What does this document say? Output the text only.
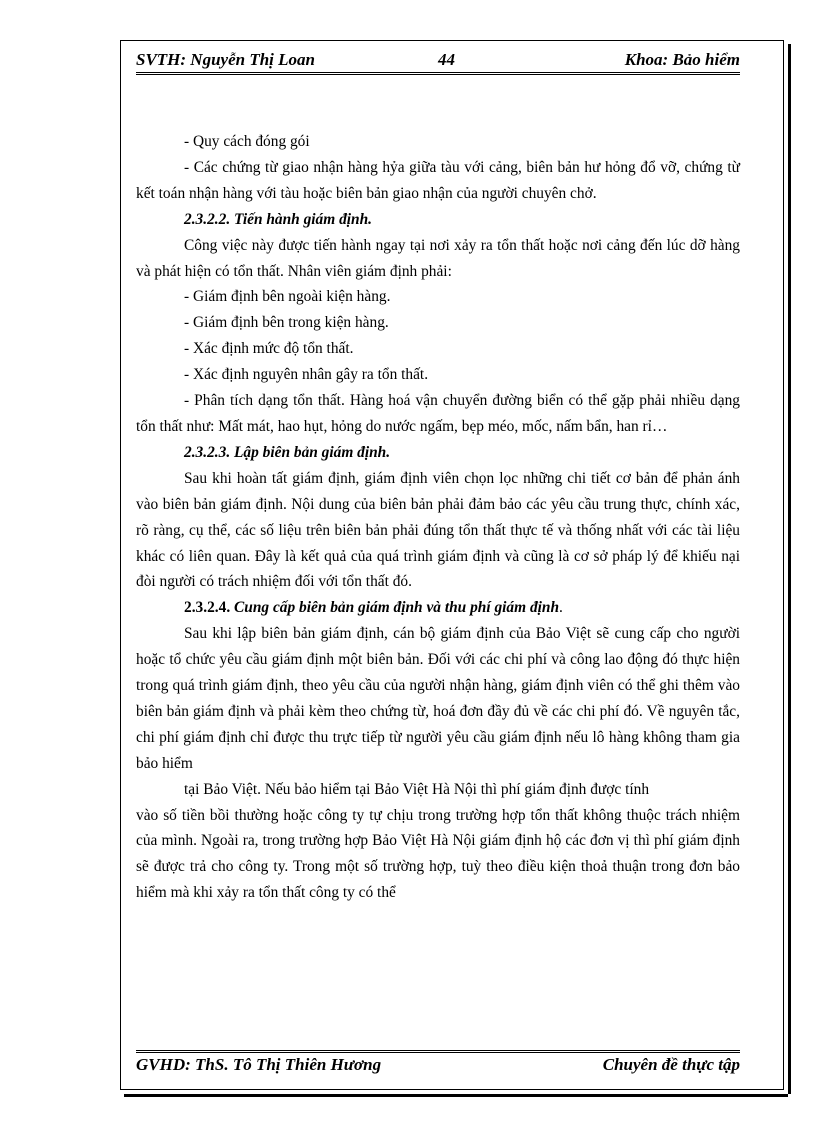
SVTH: Nguyễn Thị Loan	44	Khoa: Bảo hiểm

- Quy cách đóng gói

- Các chứng từ giao nhận hàng hỷa giữa tàu với cảng, biên bản hư hỏng đổ vỡ, chứng từ kết toán nhận hàng với tàu hoặc biên bản giao nhận của người chuyên chở.

2.3.2.2. Tiến hành giám định.

Công việc này được tiến hành ngay tại nơi xảy ra tổn thất hoặc nơi cảng đến lúc dỡ hàng và phát hiện có tổn thất. Nhân viên giám định phải:

- Giám định bên ngoài kiện hàng.

- Giám định bên trong kiện hàng.

- Xác định mức độ tổn thất.

- Xác định nguyên nhân gây ra tổn thất.

- Phân tích dạng tổn thất. Hàng hoá vận chuyển đường biển có thể gặp phải nhiều dạng tổn thất như: Mất mát, hao hụt, hỏng do nước ngấm, bẹp méo, mốc, nấm bẩn, han rỉ…

2.3.2.3. Lập biên bản giám định.

Sau khi hoàn tất giám định, giám định viên chọn lọc những chi tiết cơ bản để phản ánh vào biên bản giám định. Nội dung của biên bản phải đảm bảo các yêu cầu trung thực, chính xác, rõ ràng, cụ thể, các số liệu trên biên bản phải đúng tổn thất thực tế và thống nhất với các tài liệu khác có liên quan. Đây là kết quả của quá trình giám định và cũng là cơ sở pháp lý để khiếu nại đòi người có trách nhiệm đối với tổn thất đó.

2.3.2.4. Cung cấp biên bản giám định và thu phí giám định.

Sau khi lập biên bản giám định, cán bộ giám định của Bảo Việt sẽ cung cấp cho người hoặc tổ chức yêu cầu giám định một biên bản. Đối với các chi phí và công lao động đó thực hiện trong quá trình giám định, theo yêu cầu của người nhận hàng, giám định viên có thể ghi thêm vào biên bản giám định và phải kèm theo chứng từ, hoá đơn đầy đủ về các chi phí đó. Về nguyên tắc, chi phí giám định chỉ được thu trực tiếp từ người yêu cầu giám định nếu lô hàng không tham gia bảo hiểm

tại Bảo Việt. Nếu bảo hiểm tại Bảo Việt Hà Nội thì phí giám định được tính

vào số tiền bồi thường hoặc công ty tự chịu trong trường hợp tổn thất không thuộc trách nhiệm của mình. Ngoài ra, trong trường hợp Bảo Việt Hà Nội giám định hộ các đơn vị thì phí giám định sẽ được trả cho công ty. Trong một số trường hợp, tuỳ theo điều kiện thoả thuận trong đơn bảo hiểm mà khi xảy ra tổn thất công ty có thể

GVHD: ThS. Tô Thị Thiên Hương	Chuyên đề thực tập
